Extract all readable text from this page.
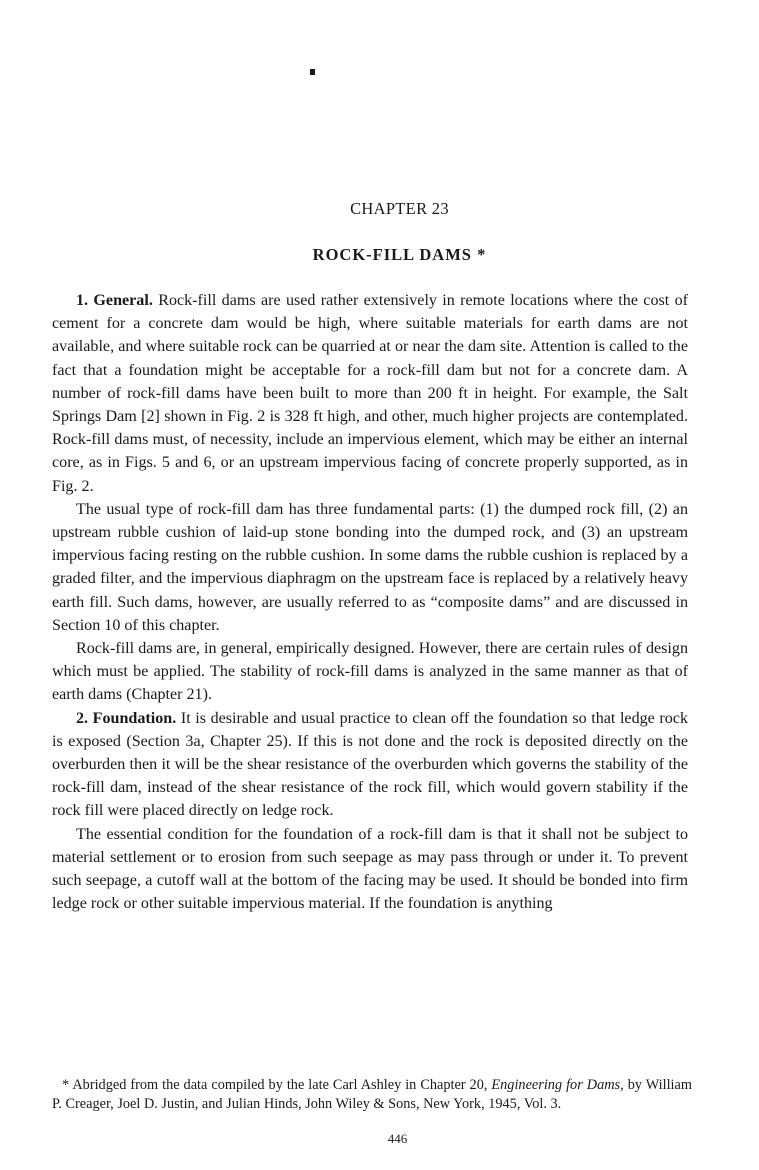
CHAPTER 23
ROCK-FILL DAMS *

1. General. Rock-fill dams are used rather extensively in remote locations where the cost of cement for a concrete dam would be high, where suitable materials for earth dams are not available, and where suitable rock can be quarried at or near the dam site. Attention is called to the fact that a foundation might be acceptable for a rock-fill dam but not for a concrete dam. A number of rock-fill dams have been built to more than 200 ft in height. For example, the Salt Springs Dam [2] shown in Fig. 2 is 328 ft high, and other, much higher projects are contemplated. Rock-fill dams must, of necessity, include an impervious element, which may be either an internal core, as in Figs. 5 and 6, or an upstream impervious facing of concrete properly supported, as in Fig. 2.

The usual type of rock-fill dam has three fundamental parts: (1) the dumped rock fill, (2) an upstream rubble cushion of laid-up stone bonding into the dumped rock, and (3) an upstream impervious facing resting on the rubble cushion. In some dams the rubble cushion is replaced by a graded filter, and the impervious diaphragm on the upstream face is replaced by a relatively heavy earth fill. Such dams, however, are usually referred to as “composite dams” and are discussed in Section 10 of this chapter.

Rock-fill dams are, in general, empirically designed. However, there are certain rules of design which must be applied. The stability of rock-fill dams is analyzed in the same manner as that of earth dams (Chapter 21).

2. Foundation. It is desirable and usual practice to clean off the foundation so that ledge rock is exposed (Section 3a, Chapter 25). If this is not done and the rock is deposited directly on the overburden then it will be the shear resistance of the overburden which governs the stability of the rock-fill dam, instead of the shear resistance of the rock fill, which would govern stability if the rock fill were placed directly on ledge rock.

The essential condition for the foundation of a rock-fill dam is that it shall not be subject to material settlement or to erosion from such seepage as may pass through or under it. To prevent such seepage, a cutoff wall at the bottom of the facing may be used. It should be bonded into firm ledge rock or other suitable impervious material. If the foundation is anything

* Abridged from the data compiled by the late Carl Ashley in Chapter 20, Engineering for Dams, by William P. Creager, Joel D. Justin, and Julian Hinds, John Wiley & Sons, New York, 1945, Vol. 3.

446
